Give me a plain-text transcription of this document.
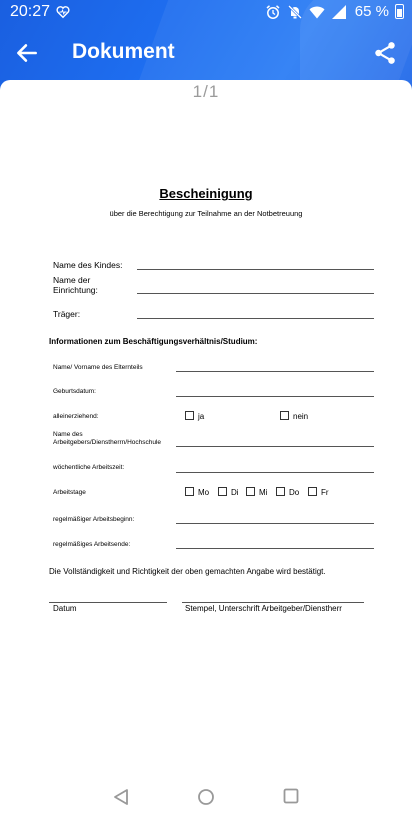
20:27	65 %
Dokument
1/1
Bescheinigung
über die Berechtigung zur Teilnahme an der Notbetreuung
Name des Kindes:
Name der
Einrichtung:
Träger:
Informationen zum Beschäftigungsverhältnis/Studium:
Name/ Vorname des Elternteils
Geburtsdatum:
alleinerziehend:	ja	nein
Name des
Arbeitgebers/Dienstherrn/Hochschule
wöchentliche Arbeitszeit:
Arbeitstage	Mo	Di	Mi	Do	Fr
regelmäßiger Arbeitsbeginn:
regelmäßiges Arbeitsende:
Die Vollständigkeit und Richtigkeit der oben gemachten Angabe wird bestätigt.
Datum	Stempel, Unterschrift Arbeitgeber/Dienstherr
